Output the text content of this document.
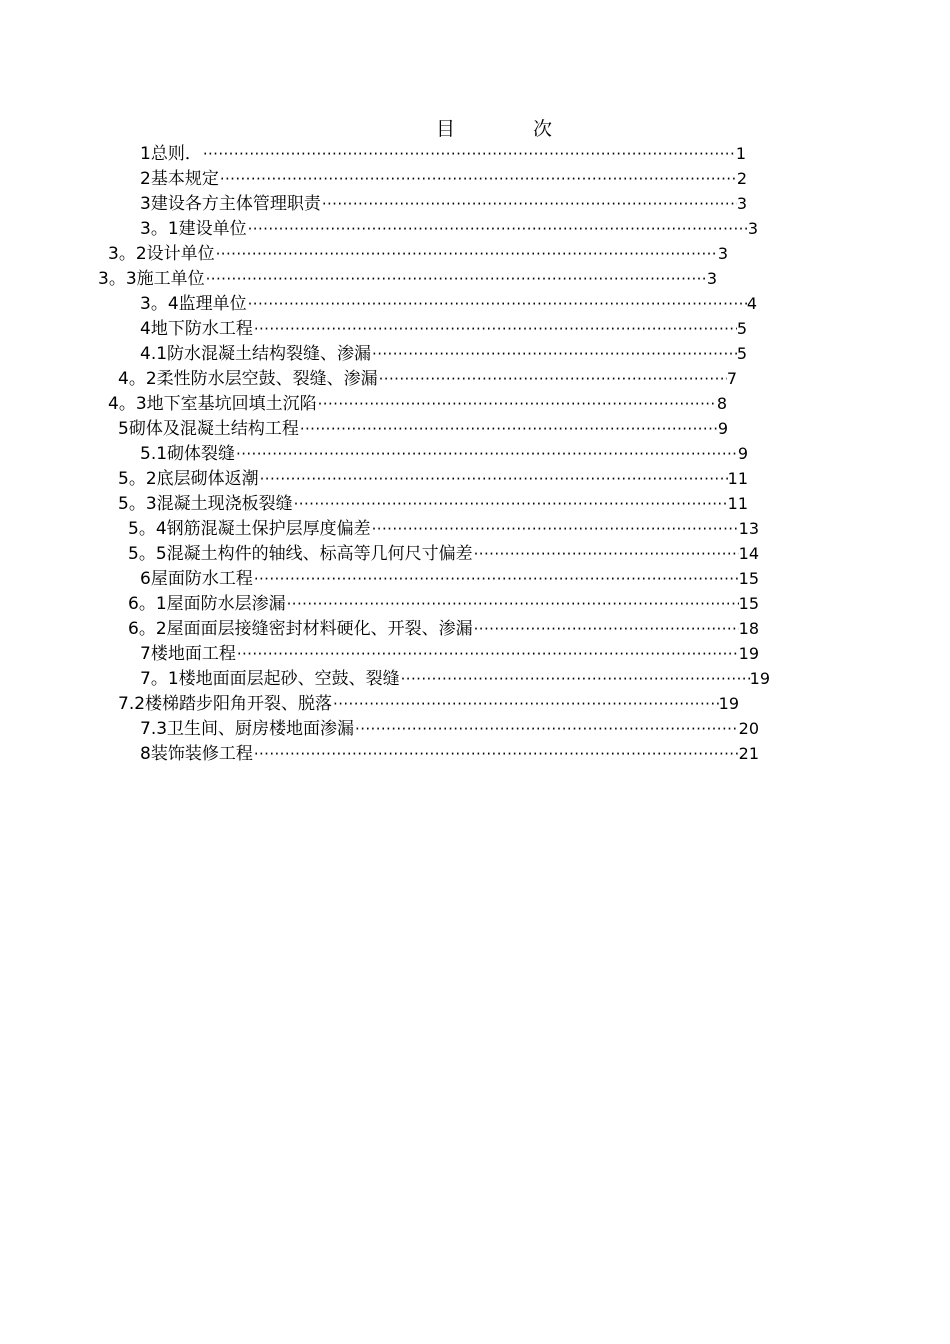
目 次
1总则． ·····	1
2基本规定 ·····	2
3建设各方主体管理职责 ·····	3
3。1建设单位 ·····	3
3。2设计单位 ·····	3
3。3施工单位 ·····	3
3。4监理单位 ·····	4
4地下防水工程 ·····	5
4.1防水混凝土结构裂缝、渗漏 ·····	5
4。2柔性防水层空鼓、裂缝、渗漏 ·····	7
4。3地下室基坑回填土沉陷 ·····	8
5砌体及混凝土结构工程 ·····	9
5.1砌体裂缝 ·····	9
5。2底层砌体返潮 ·····	11
5。3混凝土现浇板裂缝 ·····	11
5。4钢筋混凝土保护层厚度偏差 ·····	13
5。5混凝土构件的轴线、标高等几何尺寸偏差 ·····	14
6屋面防水工程 ·····	15
6。1屋面防水层渗漏 ·····	15
6。2屋面面层接缝密封材料硬化、开裂、渗漏 ·····	18
7楼地面工程 ·····	19
7。1楼地面面层起砂、空鼓、裂缝 ·····	19
7.2楼梯踏步阳角开裂、脱落 ·····	19
7.3卫生间、厨房楼地面渗漏 ·····	20
8装饰装修工程 ·····	21
